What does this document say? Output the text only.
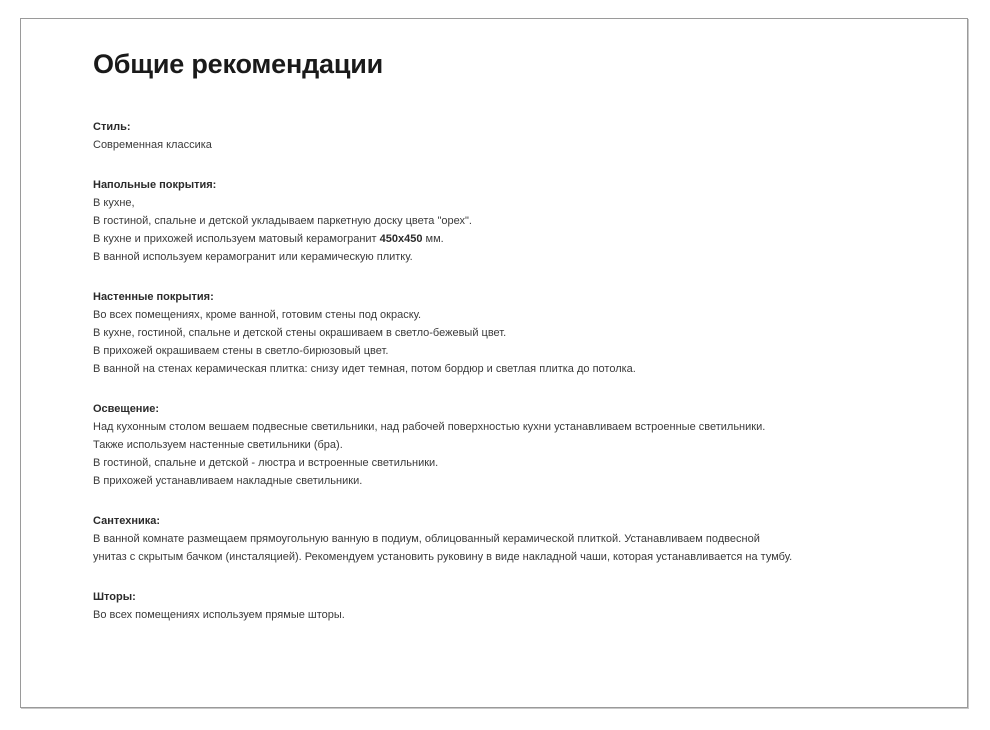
Общие рекомендации

Стиль:

Современная классика

Напольные покрытия:

В кухне,

В гостиной, спальне и детской укладываем паркетную доску цвета "орех".

В кухне и прихожей используем матовый керамогранит 450х450 мм.

В ванной используем керамогранит или керамическую плитку.

Настенные покрытия:

Во всех помещениях, кроме ванной, готовим стены под окраску.

В кухне, гостиной, спальне и детской стены окрашиваем в светло-бежевый цвет.

В прихожей окрашиваем стены в светло-бирюзовый цвет.

В ванной на стенах керамическая плитка: снизу идет темная, потом бордюр и светлая плитка до потолка.

Освещение:

Над кухонным столом вешаем подвесные светильники, над рабочей поверхностью кухни устанавливаем встроенные светильники. Также используем настенные светильники (бра).

В гостиной, спальне и детской - люстра и встроенные светильники.

В прихожей устанавливаем накладные светильники.

Сантехника:

В ванной комнате размещаем прямоугольную ванную в подиум, облицованный керамической плиткой. Устанавливаем подвесной унитаз с скрытым бачком (инсталяцией). Рекомендуем установить руковину в виде накладной чаши, которая устанавливается на тумбу.

Шторы:

Во всех помещениях используем прямые шторы.
